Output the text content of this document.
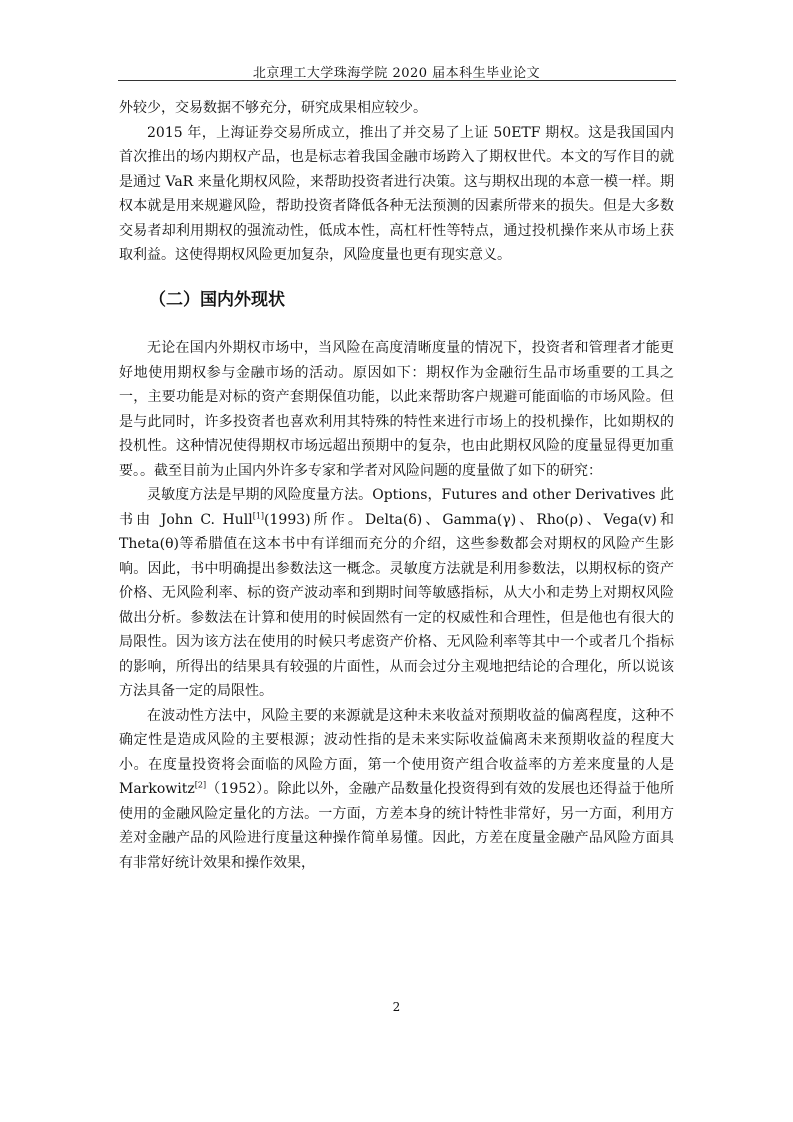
北京理工大学珠海学院 2020 届本科生毕业论文

外较少，交易数据不够充分，研究成果相应较少。

2015 年，上海证券交易所成立，推出了并交易了上证 50ETF 期权。这是我国国内首次推出的场内期权产品，也是标志着我国金融市场跨入了期权世代。本文的写作目的就是通过 VaR 来量化期权风险，来帮助投资者进行决策。这与期权出现的本意一模一样。期权本就是用来规避风险，帮助投资者降低各种无法预测的因素所带来的损失。但是大多数交易者却利用期权的强流动性，低成本性，高杠杆性等特点，通过投机操作来从市场上获取利益。这使得期权风险更加复杂，风险度量也更有现实意义。

（二）国内外现状

无论在国内外期权市场中，当风险在高度清晰度量的情况下，投资者和管理者才能更好地使用期权参与金融市场的活动。原因如下：期权作为金融衍生品市场重要的工具之一，主要功能是对标的资产套期保值功能，以此来帮助客户规避可能面临的市场风险。但是与此同时，许多投资者也喜欢利用其特殊的特性来进行市场上的投机操作，比如期权的投机性。这种情况使得期权市场远超出预期中的复杂，也由此期权风险的度量显得更加重要。。截至目前为止国内外许多专家和学者对风险问题的度量做了如下的研究：

灵敏度方法是早期的风险度量方法。Options，Futures and other Derivatives 此书由 John C. Hull[1](1993)所作。Delta(δ)、Gamma(γ)、Rho(ρ)、Vega(v)和 Theta(θ)等希腊值在这本书中有详细而充分的介绍，这些参数都会对期权的风险产生影响。因此，书中明确提出参数法这一概念。灵敏度方法就是利用参数法，以期权标的资产价格、无风险利率、标的资产波动率和到期时间等敏感指标，从大小和走势上对期权风险做出分析。参数法在计算和使用的时候固然有一定的权威性和合理性，但是他也有很大的局限性。因为该方法在使用的时候只考虑资产价格、无风险利率等其中一个或者几个指标的影响，所得出的结果具有较强的片面性，从而会过分主观地把结论的合理化，所以说该方法具备一定的局限性。

在波动性方法中，风险主要的来源就是这种未来收益对预期收益的偏离程度，这种不确定性是造成风险的主要根源；波动性指的是未来实际收益偏离未来预期收益的程度大小。在度量投资将会面临的风险方面，第一个使用资产组合收益率的方差来度量的人是 Markowitz[2]（1952）。除此以外，金融产品数量化投资得到有效的发展也还得益于他所使用的金融风险定量化的方法。一方面，方差本身的统计特性非常好，另一方面，利用方差对金融产品的风险进行度量这种操作简单易懂。因此，方差在度量金融产品风险方面具有非常好统计效果和操作效果，

2
